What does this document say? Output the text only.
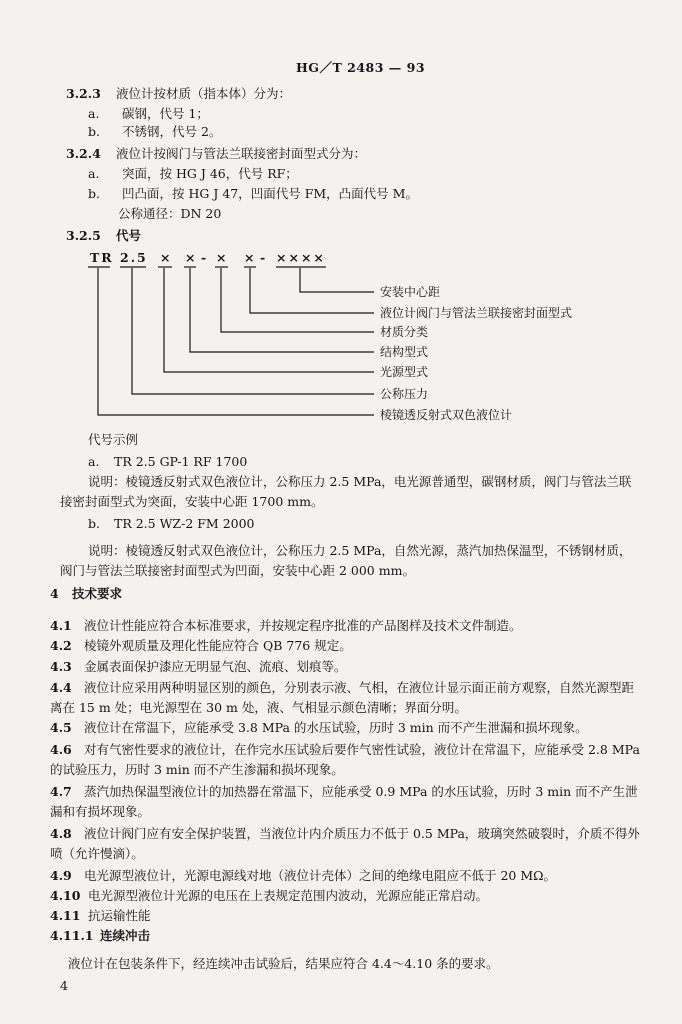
HG／T 2483 — 93
3.2.3 液位计按材质（指本体）分为：
a. 碳钢，代号 1；
b. 不锈钢，代号 2。
3.2.4 液位计按阀门与管法兰联接密封面型式分为：
a. 突面，按 HG J 46，代号 RF；
b. 凹凸面，按 HG J 47，凹面代号 FM，凸面代号 M。
公称通径：DN 20
3.2.5 代号
TR 2.5 × × - × × - ××××
安装中心距
液位计阀门与管法兰联接密封面型式
材质分类
结构型式
光源型式
公称压力
棱镜透反射式双色液位计
代号示例
a. TR 2.5 GP-1 RF 1700
说明：棱镜透反射式双色液位计，公称压力 2.5 MPa，电光源普通型，碳钢材质，阀门与管法兰联接密封面型式为突面，安装中心距 1700 mm。
b. TR 2.5 WZ-2 FM 2000
说明：棱镜透反射式双色液位计，公称压力 2.5 MPa，自然光源，蒸汽加热保温型，不锈钢材质，阀门与管法兰联接密封面型式为凹面，安装中心距 2 000 mm。
4 技术要求
4.1 液位计性能应符合本标准要求，并按规定程序批准的产品图样及技术文件制造。
4.2 棱镜外观质量及理化性能应符合 QB 776 规定。
4.3 金属表面保护漆应无明显气泡、流痕、划痕等。
4.4 液位计应采用两种明显区别的颜色，分别表示液、气相，在液位计显示面正前方观察，自然光源型距离在 15 m 处；电光源型在 30 m 处，液、气相显示颜色清晰；界面分明。
4.5 液位计在常温下，应能承受 3.8 MPa 的水压试验，历时 3 min 而不产生泄漏和损坏现象。
4.6 对有气密性要求的液位计，在作完水压试验后要作气密性试验，液位计在常温下，应能承受 2.8 MPa 的试验压力，历时 3 min 而不产生渗漏和损坏现象。
4.7 蒸汽加热保温型液位计的加热器在常温下，应能承受 0.9 MPa 的水压试验，历时 3 min 而不产生泄漏和有损坏现象。
4.8 液位计阀门应有安全保护装置，当液位计内介质压力不低于 0.5 MPa，玻璃突然破裂时，介质不得外喷（允许慢滴）。
4.9 电光源型液位计，光源电源线对地（液位计壳体）之间的绝缘电阻应不低于 20 MΩ。
4.10 电光源型液位计光源的电压在上表规定范围内波动，光源应能正常启动。
4.11 抗运输性能
4.11.1 连续冲击
液位计在包装条件下，经连续冲击试验后，结果应符合 4.4～4.10 条的要求。
4
